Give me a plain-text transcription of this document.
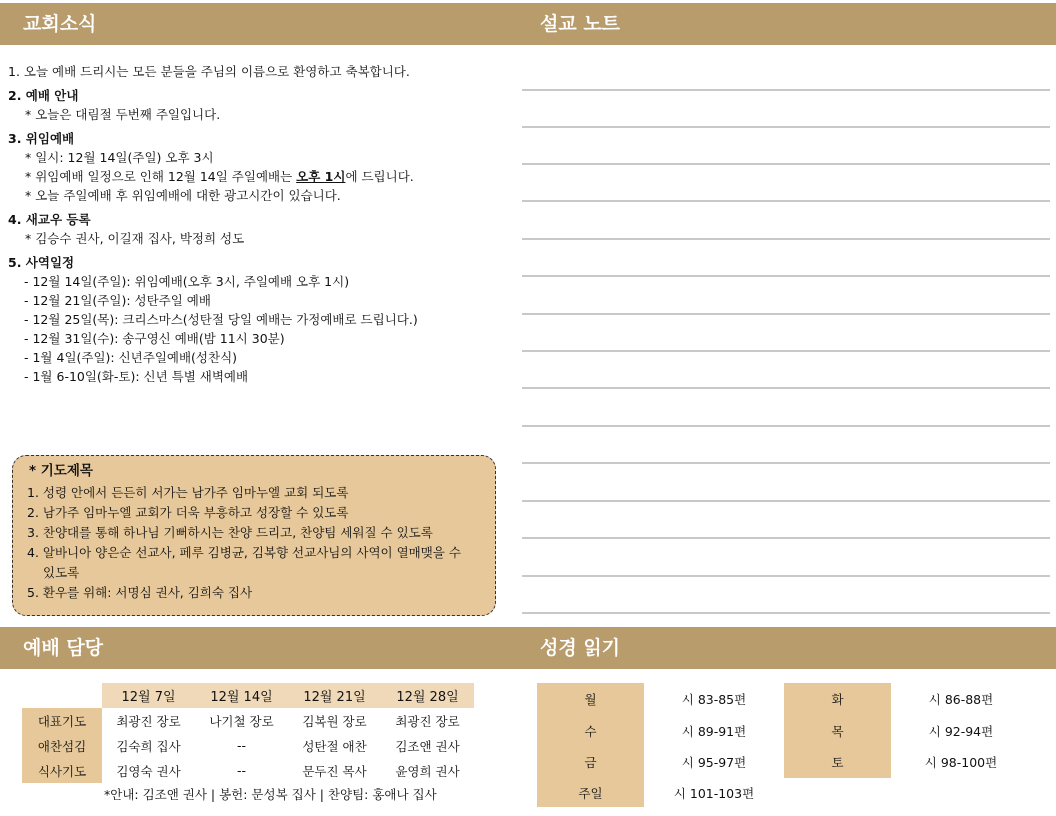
교회소식	설교 노트
예배 담당	성경 읽기
1. 오늘 예배 드리시는 모든 분들을 주님의 이름으로 환영하고 축복합니다.
2. 예배 안내
* 오늘은 대림절 두번째 주일입니다.
3. 위임예배
* 일시: 12월 14일(주일) 오후 3시
* 위임예배 일정으로 인해 12월 14일 주일예배는 오후 1시에 드립니다.
* 오늘 주일예배 후 위임예배에 대한 광고시간이 있습니다.
4. 새교우 등록
* 김승수 권사, 이길재 집사, 박정희 성도
5. 사역일정
- 12월 14일(주일): 위임예배(오후 3시, 주일예배 오후 1시)
- 12월 21일(주일): 성탄주일 예배
- 12월 25일(목): 크리스마스(성탄절 당일 예배는 가정예배로 드립니다.)
- 12월 31일(수): 송구영신 예배(밤 11시 30분)
- 1월 4일(주일): 신년주일예배(성찬식)
- 1월 6-10일(화-토): 신년 특별 새벽예배
* 기도제목
1. 성령 안에서 든든히 서가는 남가주 임마누엘 교회 되도록
2. 남가주 임마누엘 교회가 더욱 부흥하고 성장할 수 있도록
3. 찬양대를 통해 하나님 기뻐하시는 찬양 드리고, 찬양팀 세워질 수 있도록
4. 알바니아 양은순 선교사, 페루 김병균, 김복향 선교사님의 사역이 열매맺을 수
있도록
5. 환우를 위해: 서명심 권사, 김희숙 집사
	12월 7일	12월 14일	12월 21일	12월 28일
대표기도	최광진 장로	나기철 장로	김복원 장로	최광진 장로
애찬섬김	김숙희 집사	--	성탄절 애찬	김조앤 권사
식사기도	김영숙 권사	--	문두진 목사	윤영희 권사
*안내: 김조앤 권사 | 봉헌: 문성복 집사 | 찬양팀: 홍애나 집사
월	시 83-85편	화	시 86-88편
수	시 89-91편	목	시 92-94편
금	시 95-97편	토	시 98-100편
주일	시 101-103편		
